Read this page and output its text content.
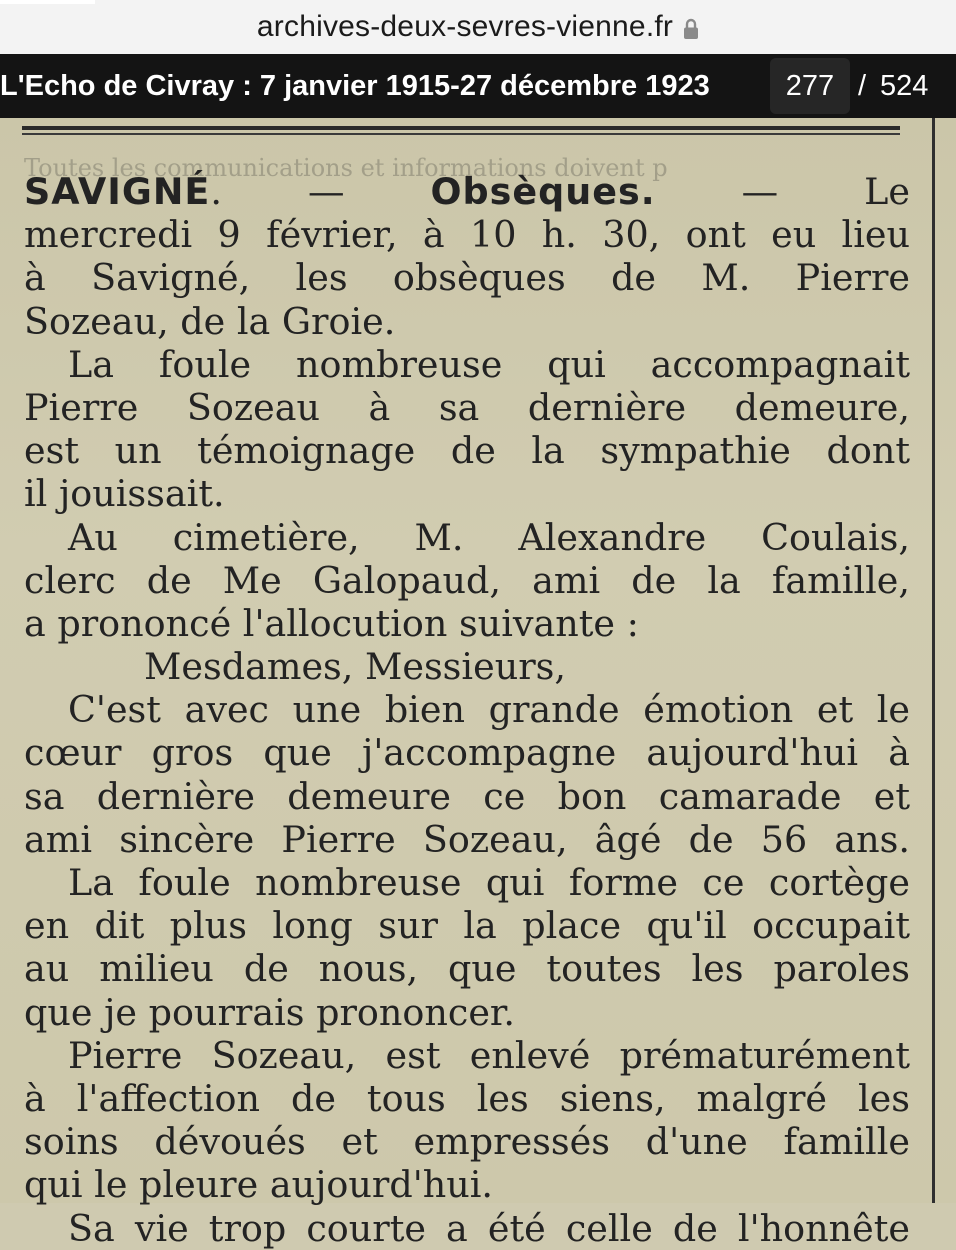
archives-deux-sevres-vienne.fr
L'Echo de Civray : 7 janvier 1915-27 décembre 1923	277 / 524
Toutes les communications et informations doivent p
SAVIGNÉ. — Obsèques. — Le
mercredi 9 février, à 10 h. 30, ont eu lieu
à Savigné, les obsèques de M. Pierre
Sozeau, de la Groie.
La foule nombreuse qui accompagnait
Pierre Sozeau à sa dernière demeure,
est un témoignage de la sympathie dont
il jouissait.
Au cimetière, M. Alexandre Coulais,
clerc de Me Galopaud, ami de la famille,
a prononcé l'allocution suivante :
Mesdames, Messieurs,
C'est avec une bien grande émotion et le
cœur gros que j'accompagne aujourd'hui à
sa dernière demeure ce bon camarade et
ami sincère Pierre Sozeau, âgé de 56 ans.
La foule nombreuse qui forme ce cortège
en dit plus long sur la place qu'il occupait
au milieu de nous, que toutes les paroles
que je pourrais prononcer.
Pierre Sozeau, est enlevé prématurément
à l'affection de tous les siens, malgré les
soins dévoués et empressés d'une famille
qui le pleure aujourd'hui.
Sa vie trop courte a été celle de l'honnête
